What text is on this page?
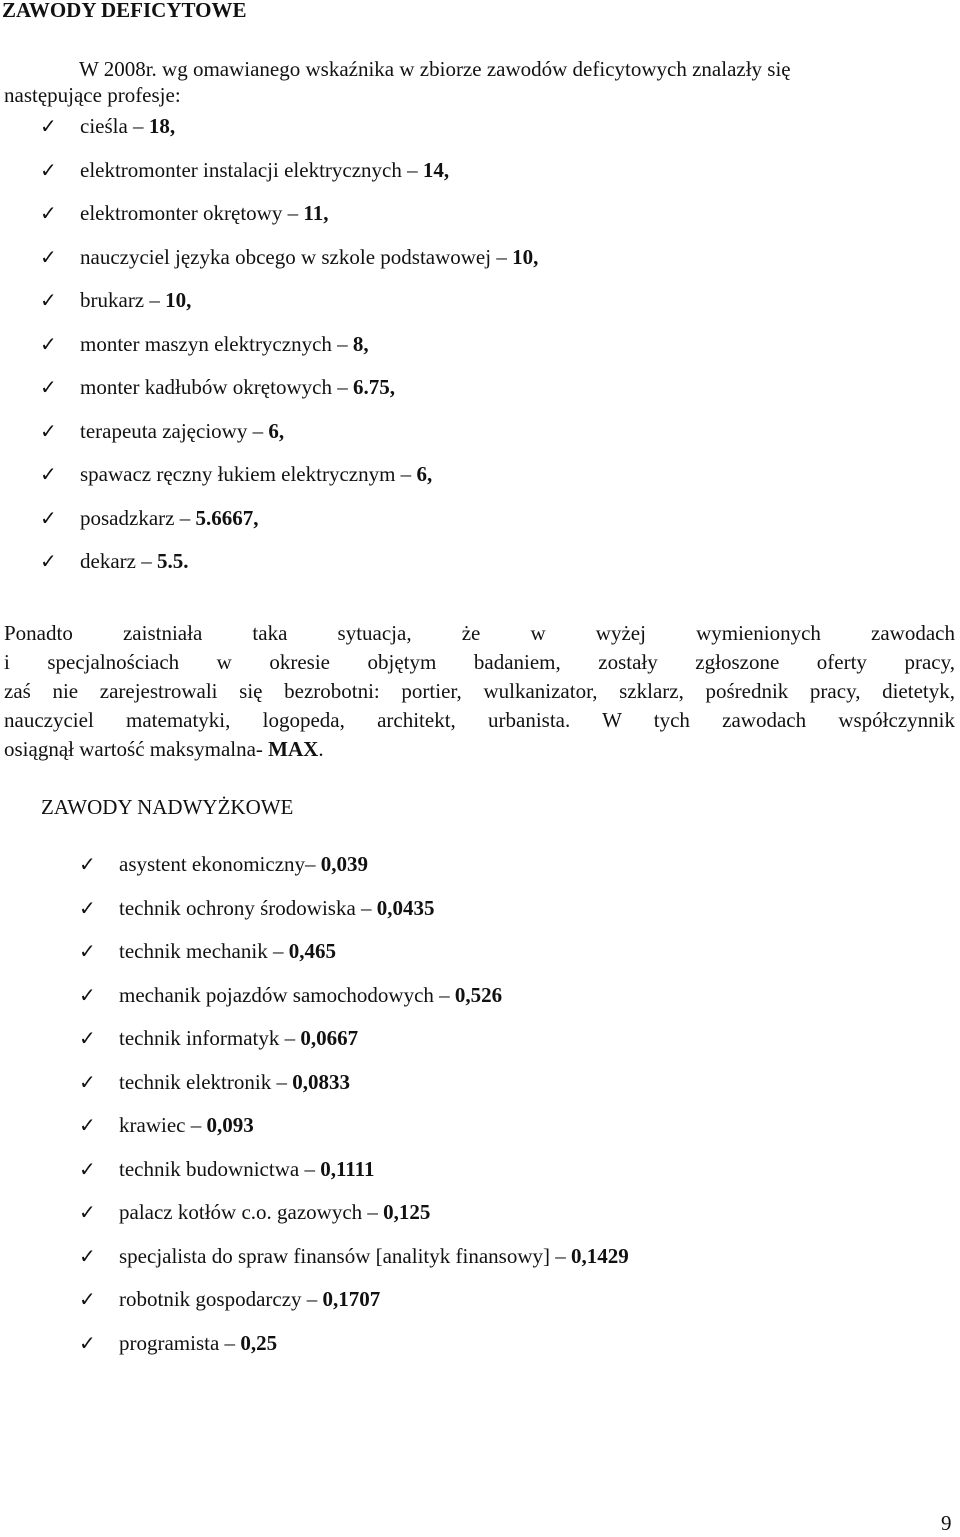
ZAWODY DEFICYTOWE
W 2008r. wg omawianego wskaźnika w zbiorze zawodów deficytowych znalazły się
następujące profesje:
✓ cieśla – 18,
✓ elektromonter instalacji elektrycznych – 14,
✓ elektromonter okrętowy – 11,
✓ nauczyciel języka obcego w szkole podstawowej – 10,
✓ brukarz – 10,
✓ monter maszyn elektrycznych – 8,
✓ monter kadłubów okrętowych – 6.75,
✓ terapeuta zajęciowy – 6,
✓ spawacz ręczny łukiem elektrycznym – 6,
✓ posadzkarz – 5.6667,
✓ dekarz – 5.5.
Ponadto zaistniała taka sytuacja, że w wyżej wymienionych zawodach
i specjalnościach w okresie objętym badaniem, zostały zgłoszone oferty pracy,
zaś nie zarejestrowali się bezrobotni: portier, wulkanizator, szklarz, pośrednik pracy, dietetyk,
nauczyciel matematyki, logopeda, architekt, urbanista. W tych zawodach współczynnik
osiągnął wartość maksymalna- MAX.
ZAWODY NADWYŻKOWE
✓ asystent ekonomiczny– 0,039
✓ technik ochrony środowiska – 0,0435
✓ technik mechanik – 0,465
✓ mechanik pojazdów samochodowych – 0,526
✓ technik informatyk – 0,0667
✓ technik elektronik – 0,0833
✓ krawiec – 0,093
✓ technik budownictwa – 0,1111
✓ palacz kotłów c.o. gazowych – 0,125
✓ specjalista do spraw finansów [analityk finansowy] – 0,1429
✓ robotnik gospodarczy – 0,1707
✓ programista – 0,25
9
